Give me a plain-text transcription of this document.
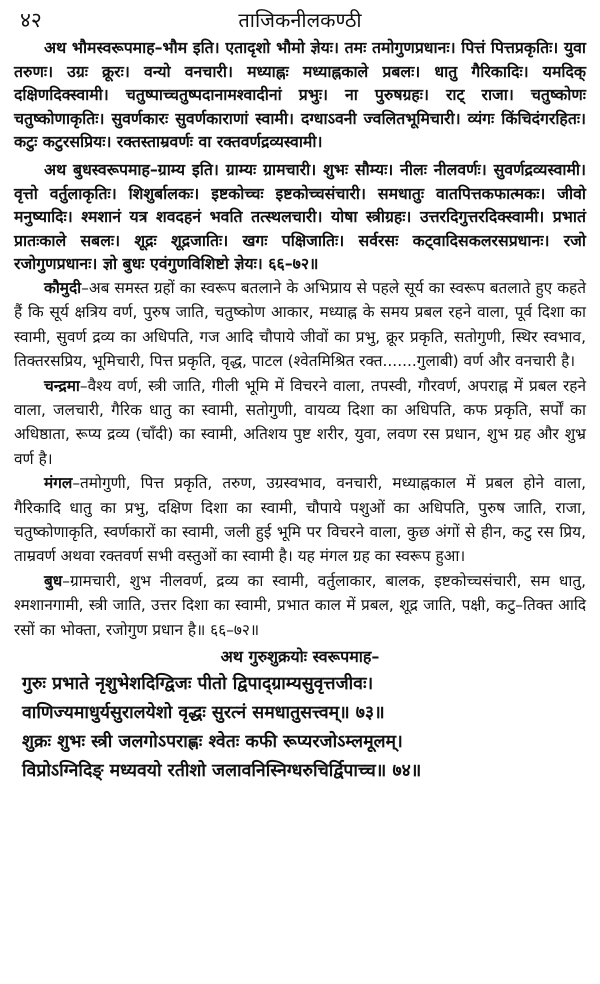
४२	ताजिकनीलकण्ठी

अथ भौमस्वरूपमाह–भौम इति। एतादृशो भौमो ज्ञेयः। तमः तमोगुणप्रधानः। पित्तं पित्तप्रकृतिः। युवा तरुणः। उग्रः क्रूरः। वन्यो वनचारी। मध्याह्नः मध्याह्नकाले प्रबलः। धातु गैरिकादिः। यमदिक् दक्षिणदिक्स्वामी। चतुष्पाच्चतुष्पदानामश्वादीनां प्रभुः। ना पुरुषग्रहः। राट् राजा। चतुष्कोणः चतुष्कोणाकृतिः। सुवर्णकारः सुवर्णकाराणां स्वामी। दग्धाऽवनी ज्वलितभूमिचारी। व्यंगः किंचिदंगरहितः। कटुः कटुरसप्रियः। रक्तस्ताम्रवर्णः वा रक्तवर्णद्रव्यस्वामी।

अथ बुधस्वरूपमाह–ग्राम्य इति। ग्राम्यः ग्रामचारी। शुभः सौम्यः। नीलः नीलवर्णः। सुवर्णद्रव्यस्वामी। वृत्तो वर्तुलाकृतिः। शिशुर्बालकः। इष्टकोच्चः इष्टकोच्चसंचारी। समधातुः वातपित्तकफात्मकः। जीवो मनुष्यादिः। श्मशानं यत्र शवदहनं भवति तत्स्थलचारी। योषा स्त्रीग्रहः। उत्तरदिगुत्तरदिक्स्वामी। प्रभातं प्रातःकाले सबलः। शूद्रः शूद्रजातिः। खगः पक्षिजातिः। सर्वरसः कट्वादिसकलरसप्रधानः। रजो रजोगुणप्रधानः। ज्ञो बुधः एवंगुणविशिष्टो ज्ञेयः। ६६–७२॥

कौमुदी–अब समस्त ग्रहों का स्वरूप बतलाने के अभिप्राय से पहले सूर्य का स्वरूप बतलाते हुए कहते हैं कि सूर्य क्षत्रिय वर्ण, पुरुष जाति, चतुष्कोण आकार, मध्याह्न के समय प्रबल रहने वाला, पूर्व दिशा का स्वामी, सुवर्ण द्रव्य का अधिपति, गज आदि चौपाये जीवों का प्रभु, क्रूर प्रकृति, सतोगुणी, स्थिर स्वभाव, तिक्तरसप्रिय, भूमिचारी, पित्त प्रकृति, वृद्ध, पाटल (श्वेतमिश्रित रक्त.......गुलाबी) वर्ण और वनचारी है।

चन्द्रमा–वैश्य वर्ण, स्त्री जाति, गीली भूमि में विचरने वाला, तपस्वी, गौरवर्ण, अपराह्न में प्रबल रहने वाला, जलचारी, गैरिक धातु का स्वामी, सतोगुणी, वायव्य दिशा का अधिपति, कफ प्रकृति, सर्पों का अधिष्ठाता, रूप्य द्रव्य (चाँदी) का स्वामी, अतिशय पुष्ट शरीर, युवा, लवण रस प्रधान, शुभ ग्रह और शुभ्र वर्ण है।

मंगल–तमोगुणी, पित्त प्रकृति, तरुण, उग्रस्वभाव, वनचारी, मध्याह्नकाल में प्रबल होने वाला, गैरिकादि धातु का प्रभु, दक्षिण दिशा का स्वामी, चौपाये पशुओं का अधिपति, पुरुष जाति, राजा, चतुष्कोणाकृति, स्वर्णकारों का स्वामी, जली हुई भूमि पर विचरने वाला, कुछ अंगों से हीन, कटु रस प्रिय, ताम्रवर्ण अथवा रक्तवर्ण सभी वस्तुओं का स्वामी है। यह मंगल ग्रह का स्वरूप हुआ।

बुध–ग्रामचारी, शुभ नीलवर्ण, द्रव्य का स्वामी, वर्तुलाकार, बालक, इष्टकोच्चसंचारी, सम धातु, श्मशानगामी, स्त्री जाति, उत्तर दिशा का स्वामी, प्रभात काल में प्रबल, शूद्र जाति, पक्षी, कटु–तिक्त आदि रसों का भोक्ता, रजोगुण प्रधान है॥ ६६–७२॥

अथ गुरुशुक्रयोः स्वरूपमाह–

गुरुः प्रभाते नृशुभेशदिग्द्विजः पीतो द्विपाद्ग्राम्यसुवृत्तजीवः।
वाणिज्यमाधुर्यसुरालयेशो वृद्धः सुरत्नं समधातुसत्त्वम्॥ ७३॥
शुक्रः शुभः स्त्री जलगोऽपराह्णः श्वेतः कफी रूप्यरजोऽम्लमूलम्।
विप्रोऽग्निदिङ् मध्यवयो रतीशो जलावनिस्निग्धरुचिर्द्विपाच्च॥ ७४॥
